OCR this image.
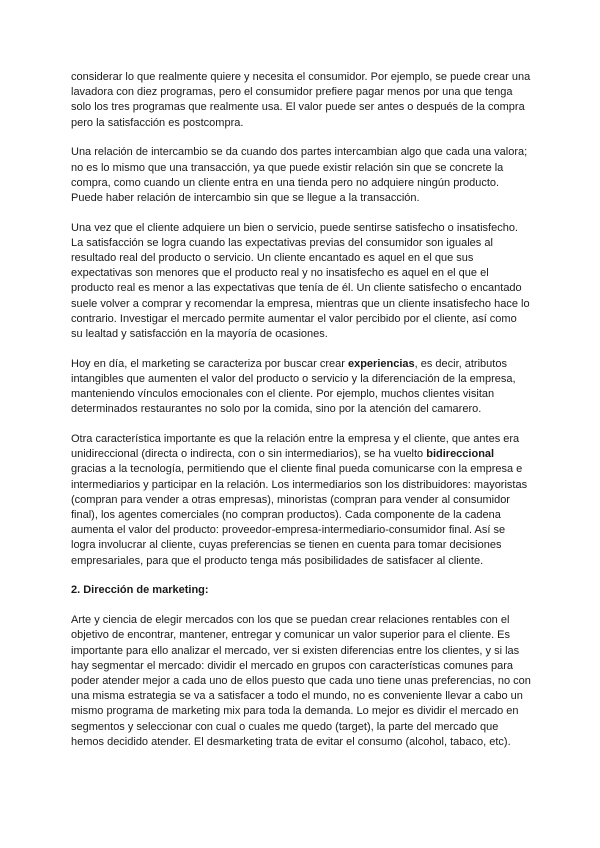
considerar lo que realmente quiere y necesita el consumidor. Por ejemplo, se puede crear una lavadora con diez programas, pero el consumidor prefiere pagar menos por una que tenga solo los tres programas que realmente usa. El valor puede ser antes o después de la compra pero la satisfacción es postcompra.

Una relación de intercambio se da cuando dos partes intercambian algo que cada una valora; no es lo mismo que una transacción, ya que puede existir relación sin que se concrete la compra, como cuando un cliente entra en una tienda pero no adquiere ningún producto. Puede haber relación de intercambio sin que se llegue a la transacción.

Una vez que el cliente adquiere un bien o servicio, puede sentirse satisfecho o insatisfecho. La satisfacción se logra cuando las expectativas previas del consumidor son iguales al resultado real del producto o servicio. Un cliente encantado es aquel en el que sus expectativas son menores que el producto real y no insatisfecho es aquel en el que el producto real es menor a las expectativas que tenía de él. Un cliente satisfecho o encantado suele volver a comprar y recomendar la empresa, mientras que un cliente insatisfecho hace lo contrario. Investigar el mercado permite aumentar el valor percibido por el cliente, así como su lealtad y satisfacción en la mayoría de ocasiones.

Hoy en día, el marketing se caracteriza por buscar crear experiencias, es decir, atributos intangibles que aumenten el valor del producto o servicio y la diferenciación de la empresa, manteniendo vínculos emocionales con el cliente. Por ejemplo, muchos clientes visitan determinados restaurantes no solo por la comida, sino por la atención del camarero.

Otra característica importante es que la relación entre la empresa y el cliente, que antes era unidireccional (directa o indirecta, con o sin intermediarios), se ha vuelto bidireccional gracias a la tecnología, permitiendo que el cliente final pueda comunicarse con la empresa e intermediarios y participar en la relación. Los intermediarios son los distribuidores: mayoristas (compran para vender a otras empresas), minoristas (compran para vender al consumidor final), los agentes comerciales (no compran productos). Cada componente de la cadena aumenta el valor del producto: proveedor-empresa-intermediario-consumidor final. Así se logra involucrar al cliente, cuyas preferencias se tienen en cuenta para tomar decisiones empresariales, para que el producto tenga más posibilidades de satisfacer al cliente.

2. Dirección de marketing:

Arte y ciencia de elegir mercados con los que se puedan crear relaciones rentables con el objetivo de encontrar, mantener, entregar y comunicar un valor superior para el cliente. Es importante para ello analizar el mercado, ver si existen diferencias entre los clientes, y si las hay segmentar el mercado: dividir el mercado en grupos con características comunes para poder atender mejor a cada uno de ellos puesto que cada uno tiene unas preferencias, no con una misma estrategia se va a satisfacer a todo el mundo, no es conveniente llevar a cabo un mismo programa de marketing mix para toda la demanda. Lo mejor es dividir el mercado en segmentos y seleccionar con cual o cuales me quedo (target), la parte del mercado que hemos decidido atender. El desmarketing trata de evitar el consumo (alcohol, tabaco, etc).
